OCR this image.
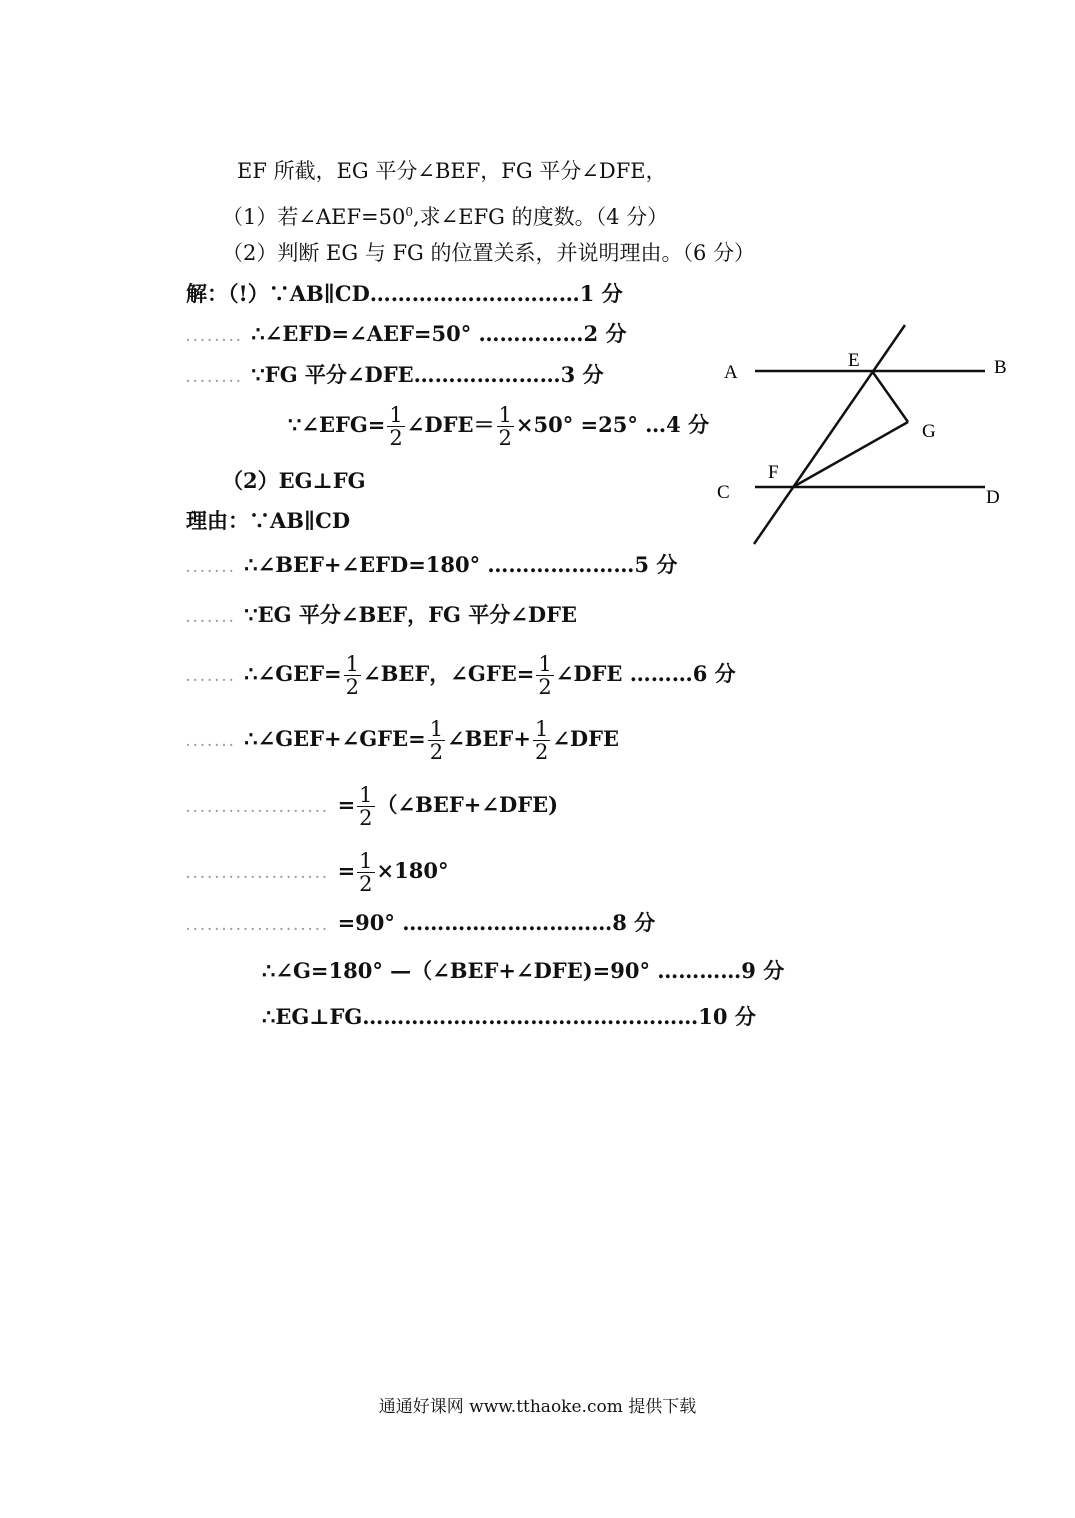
EF 所截，EG 平分∠BEF，FG 平分∠DFE，
（1）若$\angle AEF=50^0$,求∠EFG 的度数。（4 分）
（2）判断 EG 与 FG 的位置关系，并说明理由。（6 分）
解：（!）∵AB∥CD…………………………1 分
........ ∴∠EFD=∠AEF=50° ……………2 分
........ ∵FG 平分∠DFE…………………3 分
∵∠EFG= $\frac{1}{2}$ ∠DFE＝ $\frac{1}{2} \times 50^\circ =25^\circ$ …4 分
（2）EG⊥FG
理由：∵AB∥CD
....... ∴∠BEF+∠EFD=180° …………………5 分
....... ∵EG 平分∠BEF，FG 平分∠DFE
....... ∴∠GEF= $\frac{1}{2}$ ∠BEF，∠GFE= $\frac{1}{2}$ ∠DFE ………6 分
....... ∴∠GEF+∠GFE= $\frac{1}{2}$ ∠BEF+ $\frac{1}{2}$ ∠DFE
.................... = $\frac{1}{2}$ （∠BEF+∠DFE)
.................... = $\frac{1}{2} \times 180^\circ$
.................... =90° …………………………8 分
∴∠G=180° —（∠BEF+∠DFE)=90° …………9 分
∴EG⊥FG…………………………………………10 分
A	B
C	D
E
F
G
通通好课网 www.tthaoke.com 提供下载
